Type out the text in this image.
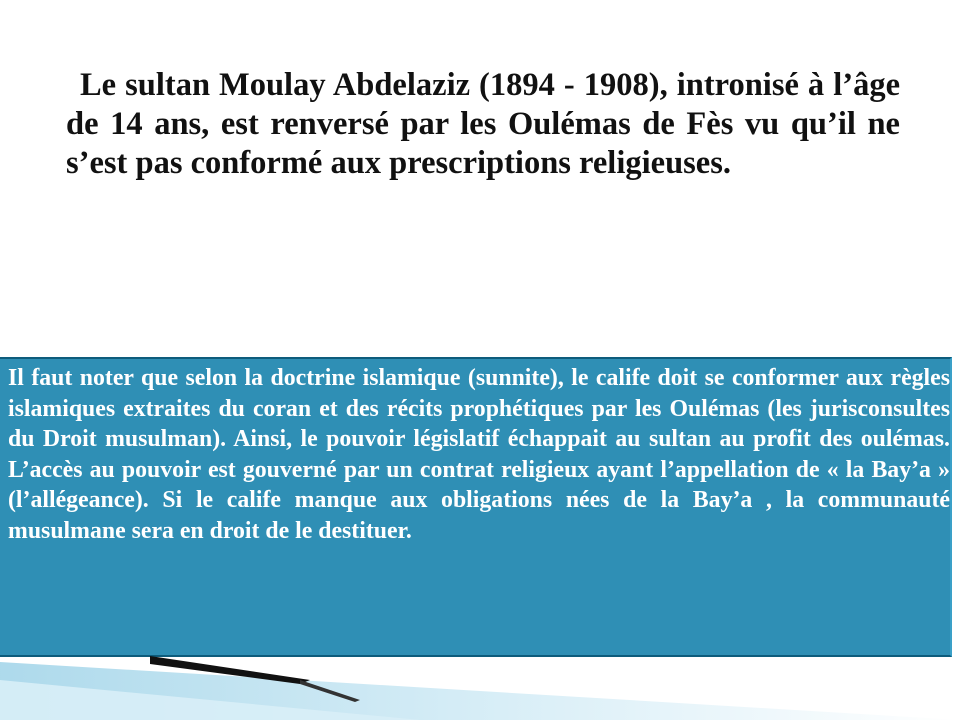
Le sultan Moulay Abdelaziz (1894 - 1908), intronisé à l’âge de 14 ans, est renversé par les Oulémas de Fès vu qu’il ne s’est pas conformé aux prescriptions religieuses.

Il faut noter que selon la doctrine islamique (sunnite), le calife doit se conformer aux règles islamiques extraites du coran et des récits prophétiques par les Oulémas (les jurisconsultes du Droit musulman). Ainsi, le pouvoir législatif échappait au sultan au profit des oulémas. L’accès au pouvoir est gouverné par un contrat religieux ayant l’appellation de « la Bay’a » (l’allégeance). Si le calife manque aux obligations nées de la Bay’a , la communauté musulmane sera en droit de le destituer.
